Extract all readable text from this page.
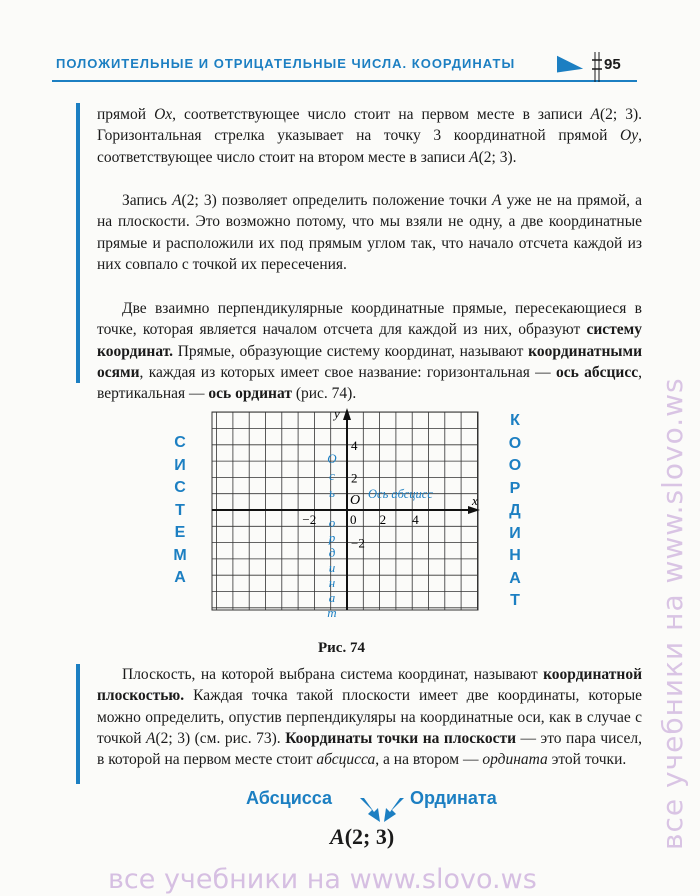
ПОЛОЖИТЕЛЬНЫЕ И ОТРИЦАТЕЛЬНЫЕ ЧИСЛА. КООРДИНАТЫ	95

прямой Ox, соответствующее число стоит на первом месте в записи A(2; 3). Горизонтальная стрелка указывает на точку 3 координатной прямой Oy, соответствующее число стоит на втором месте в записи A(2; 3).

Запись A(2; 3) позволяет определить положение точки A уже не на прямой, а на плоскости. Это возможно потому, что мы взяли не одну, а две координатные прямые и расположили их под прямым углом так, что начало отсчета каждой из них совпало с точкой их пересечения.

Две взаимно перпендикулярные координатные прямые, пересекающиеся в точке, которая является началом отсчета для каждой из них, образуют систему координат. Прямые, образующие систему координат, называют координатными осями, каждая из которых имеет свое название: горизонтальная — ось абсцисс, вертикальная — ось ординат (рис. 74).

С
И
С
Т
Е
М
А
К
О
О
Р
Д
И
Н
А
Т
−2	0 2 4
4
2
−2
x
y
O Ось абсцисс
О
с
ь
о
р
д
и
н
а
т
Рис. 74

Плоскость, на которой выбрана система координат, называют координатной плоскостью. Каждая точка такой плоскости имеет две координаты, которые можно определить, опустив перпендикуляры на координатные оси, как в случае с точкой A(2; 3) (см. рис. 73). Координаты точки на плоскости — это пара чисел, в которой на первом месте стоит абсцисса, а на втором — ордината этой точки.

Абсцисса	Ордината
A(2; 3)	все учебники на www.slovo.ws
все учебники на www.slovo.ws
